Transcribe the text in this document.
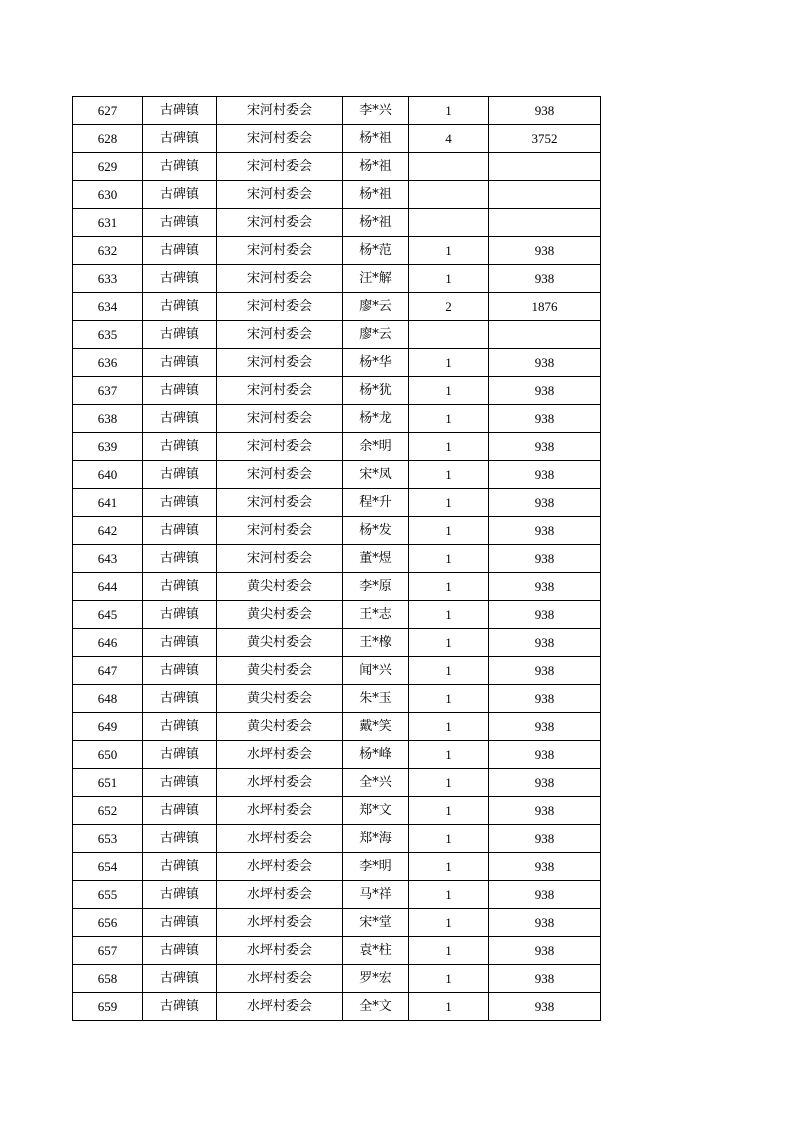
627	古碑镇	宋河村委会	李*兴	1	938
628	古碑镇	宋河村委会	杨*祖	4	3752
629	古碑镇	宋河村委会	杨*祖		
630	古碑镇	宋河村委会	杨*祖		
631	古碑镇	宋河村委会	杨*祖		
632	古碑镇	宋河村委会	杨*范	1	938
633	古碑镇	宋河村委会	汪*解	1	938
634	古碑镇	宋河村委会	廖*云	2	1876
635	古碑镇	宋河村委会	廖*云		
636	古碑镇	宋河村委会	杨*华	1	938
637	古碑镇	宋河村委会	杨*犹	1	938
638	古碑镇	宋河村委会	杨*龙	1	938
639	古碑镇	宋河村委会	余*明	1	938
640	古碑镇	宋河村委会	宋*凤	1	938
641	古碑镇	宋河村委会	程*升	1	938
642	古碑镇	宋河村委会	杨*发	1	938
643	古碑镇	宋河村委会	董*煜	1	938
644	古碑镇	黄尖村委会	李*原	1	938
645	古碑镇	黄尖村委会	王*志	1	938
646	古碑镇	黄尖村委会	王*橡	1	938
647	古碑镇	黄尖村委会	闻*兴	1	938
648	古碑镇	黄尖村委会	朱*玉	1	938
649	古碑镇	黄尖村委会	戴*笑	1	938
650	古碑镇	水坪村委会	杨*峰	1	938
651	古碑镇	水坪村委会	全*兴	1	938
652	古碑镇	水坪村委会	郑*文	1	938
653	古碑镇	水坪村委会	郑*海	1	938
654	古碑镇	水坪村委会	李*明	1	938
655	古碑镇	水坪村委会	马*祥	1	938
656	古碑镇	水坪村委会	宋*堂	1	938
657	古碑镇	水坪村委会	袁*柱	1	938
658	古碑镇	水坪村委会	罗*宏	1	938
659	古碑镇	水坪村委会	全*文	1	938
